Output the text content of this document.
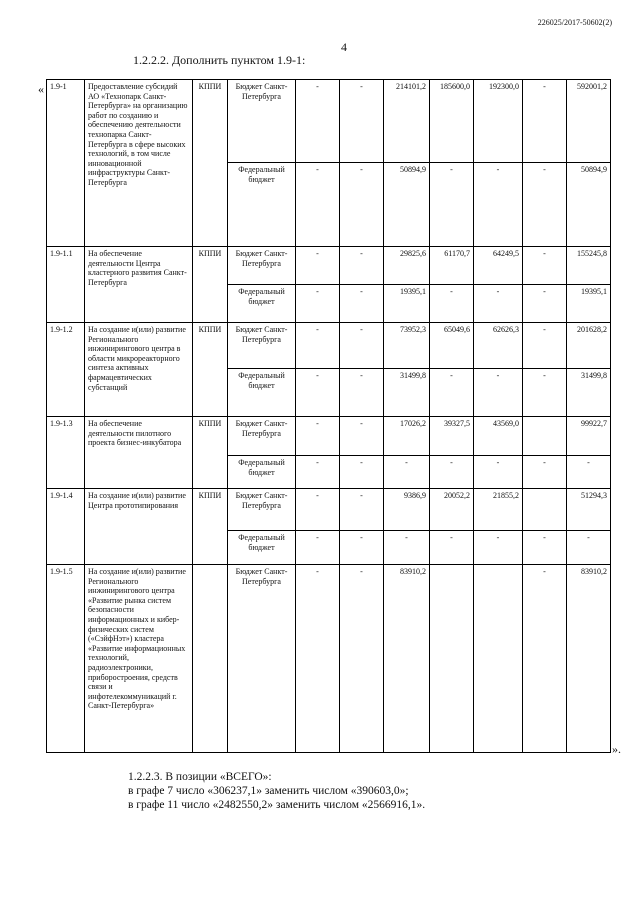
226025/2017-50602(2)
4
1.2.2.2. Дополнить пунктом 1.9-1:
« 1.9-1	Предоставление субсидий АО «Технопарк Санкт-Петербурга» на организацию работ по созданию и обеспечению деятельности технопарка Санкт-Петербурга в сфере высоких технологий, в том числе инновационной инфраструктуры Санкт-Петербурга	КППИ	Бюджет Санкт-Петербурга	-	-	214101,2	185600,0	192300,0	-	592001,2
			Федеральный бюджет	-	-	50894,9	-	-	-	50894,9
1.9-1.1	На обеспечение деятельности Центра кластерного развития Санкт-Петербурга	КППИ	Бюджет Санкт-Петербурга	-	-	29825,6	61170,7	64249,5	-	155245,8
			Федеральный бюджет	-	-	19395,1	-	-	-	19395,1
1.9-1.2	На создание и(или) развитие Регионального инжинирингового центра в области микрореакторного синтеза активных фармацевтических субстанций	КППИ	Бюджет Санкт-Петербурга	-	-	73952,3	65049,6	62626,3	-	201628,2
			Федеральный бюджет	-	-	31499,8	-	-	-	31499,8
1.9-1.3	На обеспечение деятельности пилотного проекта бизнес-инкубатора	КППИ	Бюджет Санкт-Петербурга	-	-	17026,2	39327,5	43569,0		99922,7
			Федеральный бюджет	-	-	-	-	-	-	-
1.9-1.4	На создание и(или) развитие Центра прототипирования	КППИ	Бюджет Санкт-Петербурга	-	-	9386,9	20052,2	21855,2		51294,3
			Федеральный бюджет	-	-	-	-	-	-	-
1.9-1.5	На создание и(или) развитие Регионального инжинирингового центра «Развитие рынка систем безопасности информационных и кибер-физических систем («СэйфНэт») кластера «Развитие информационных технологий, радиоэлектроники, приборостроения, средств связи и инфотелекоммуникаций г. Санкт-Петербурга»		Бюджет Санкт-Петербурга	-	-	83910,2			-	83910,2
».
1.2.2.3. В позиции «ВСЕГО»:
в графе 7 число «306237,1» заменить числом «390603,0»;
в графе 11 число «2482550,2» заменить числом «2566916,1».
